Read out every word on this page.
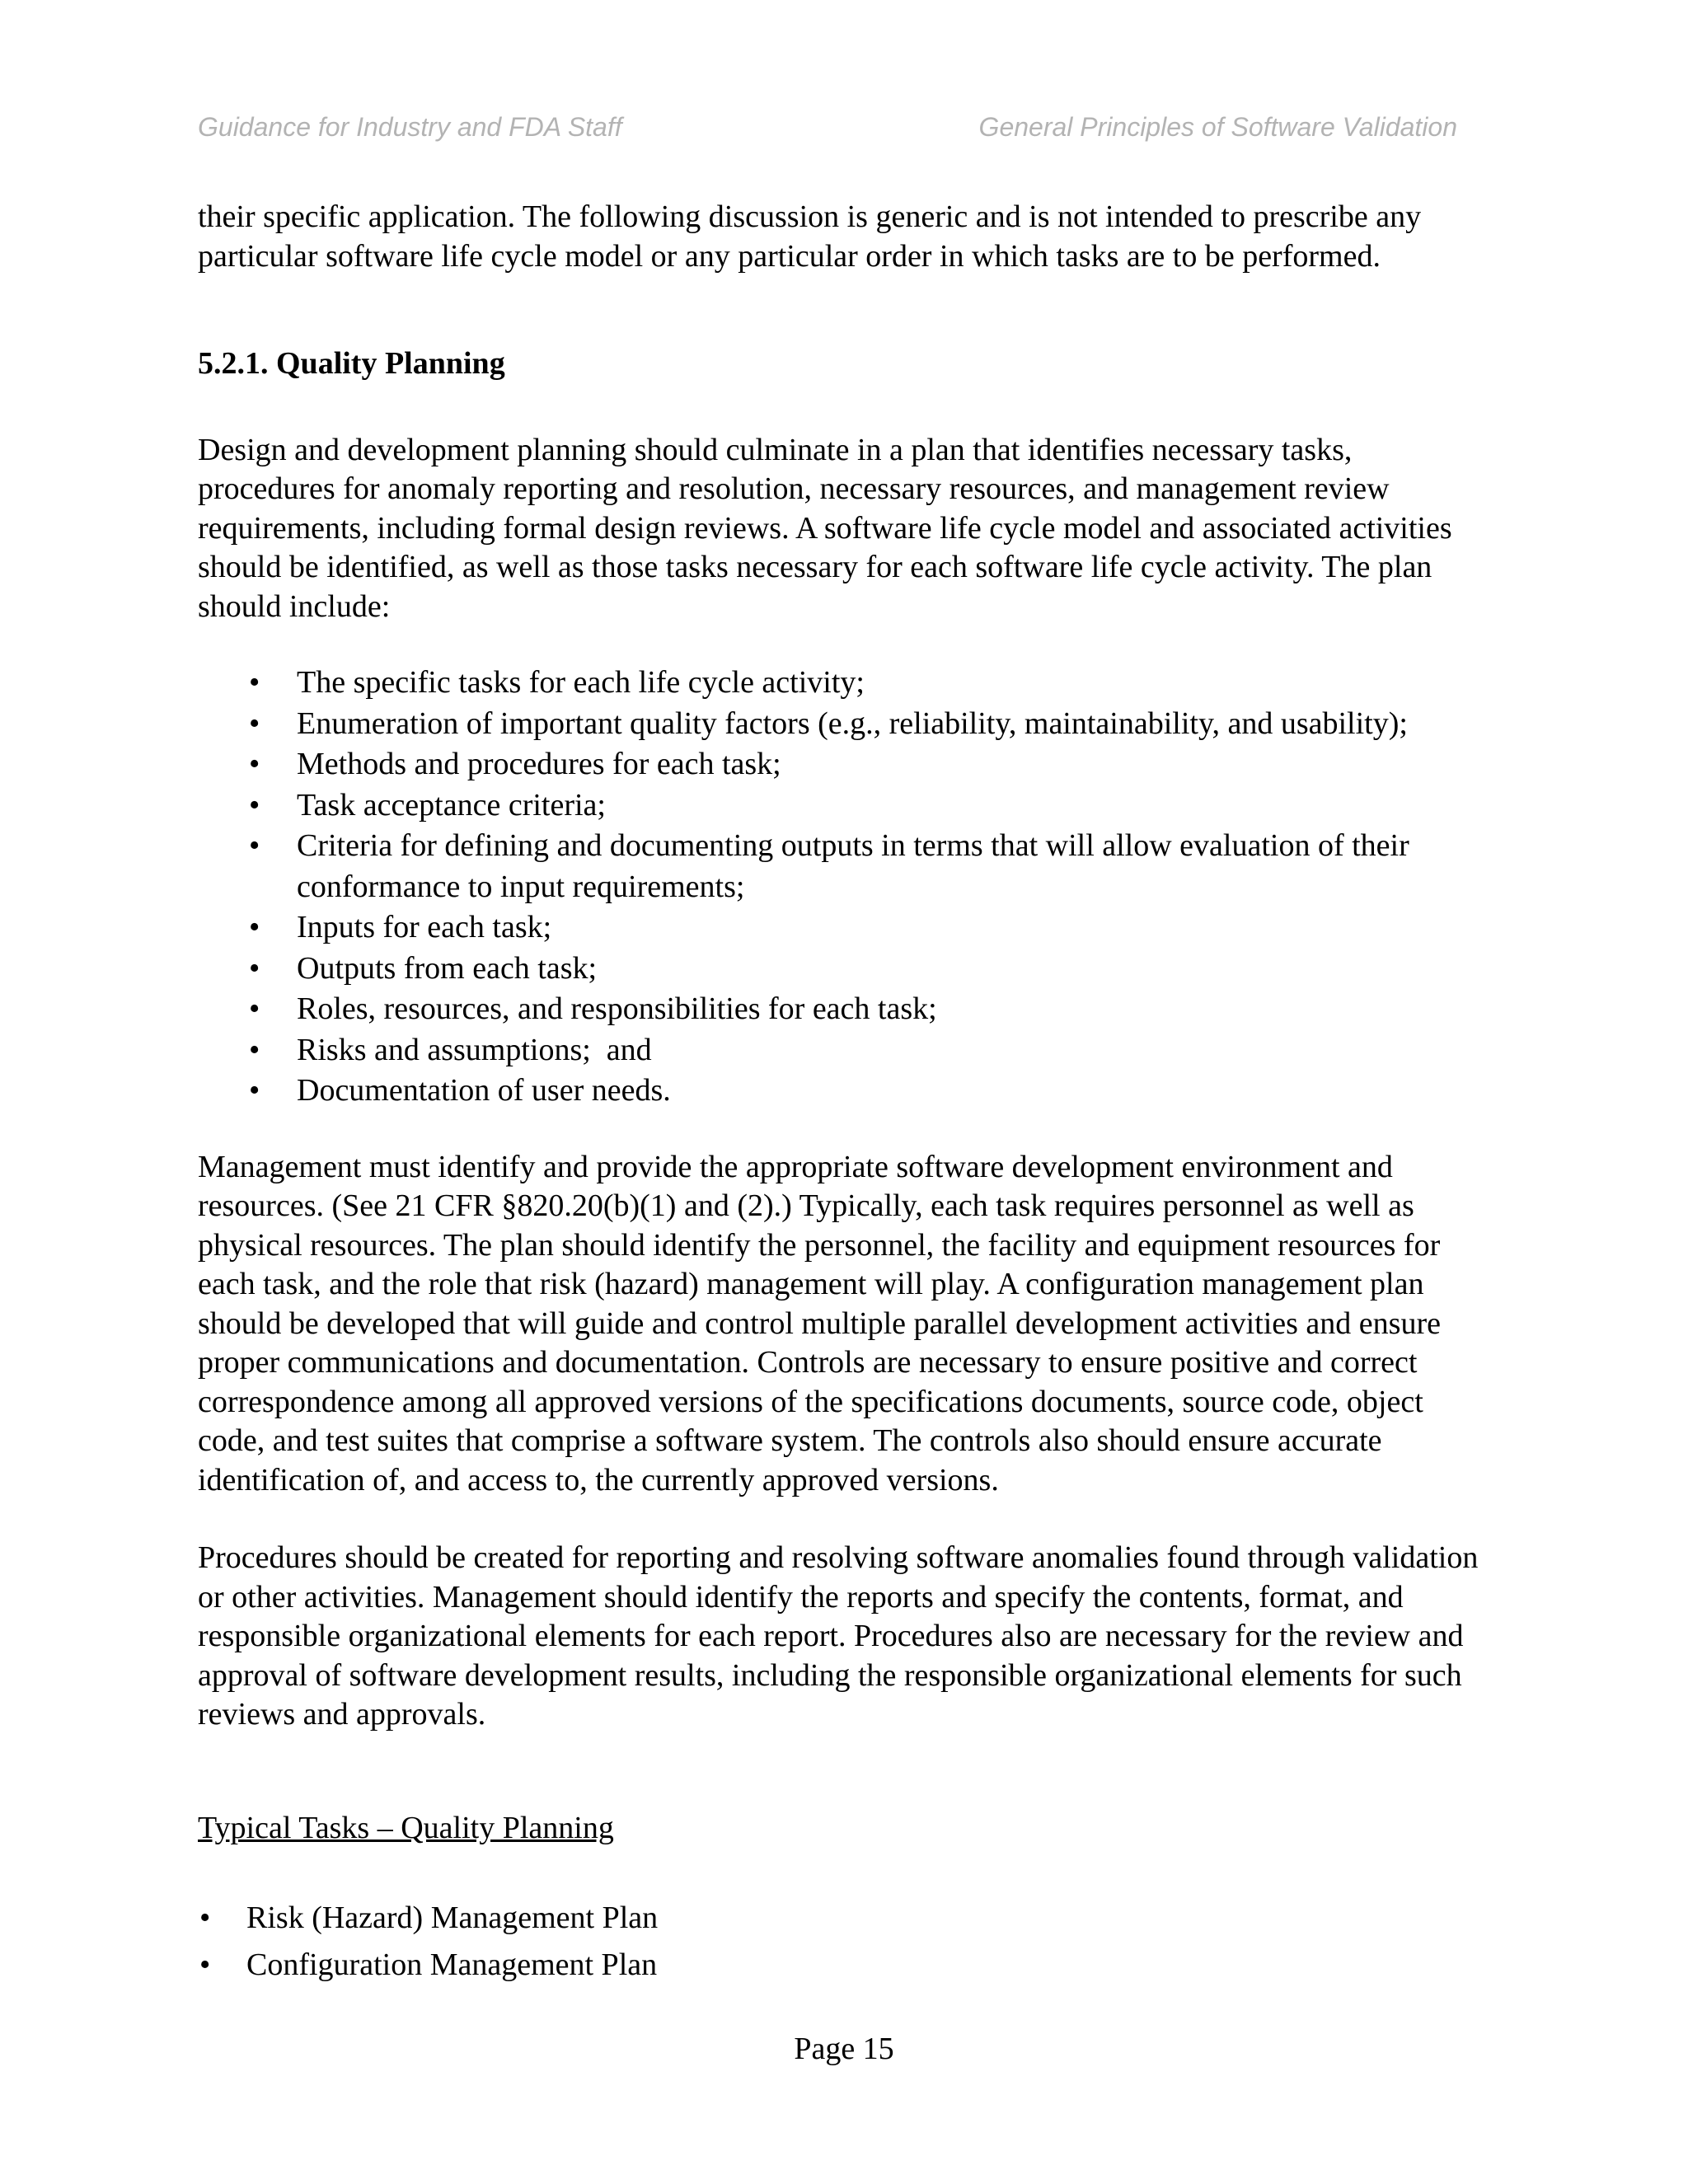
Guidance for Industry and FDA Staff	General Principles of Software Validation

their specific application. The following discussion is generic and is not intended to prescribe any particular software life cycle model or any particular order in which tasks are to be performed.

5.2.1. Quality Planning

Design and development planning should culminate in a plan that identifies necessary tasks, procedures for anomaly reporting and resolution, necessary resources, and management review requirements, including formal design reviews. A software life cycle model and associated activities should be identified, as well as those tasks necessary for each software life cycle activity. The plan should include:

• The specific tasks for each life cycle activity;
• Enumeration of important quality factors (e.g., reliability, maintainability, and usability);
• Methods and procedures for each task;
• Task acceptance criteria;
• Criteria for defining and documenting outputs in terms that will allow evaluation of their conformance to input requirements;
• Inputs for each task;
• Outputs from each task;
• Roles, resources, and responsibilities for each task;
• Risks and assumptions;  and
• Documentation of user needs.

Management must identify and provide the appropriate software development environment and resources. (See 21 CFR §820.20(b)(1) and (2).) Typically, each task requires personnel as well as physical resources. The plan should identify the personnel, the facility and equipment resources for each task, and the role that risk (hazard) management will play. A configuration management plan should be developed that will guide and control multiple parallel development activities and ensure proper communications and documentation. Controls are necessary to ensure positive and correct correspondence among all approved versions of the specifications documents, source code, object code, and test suites that comprise a software system. The controls also should ensure accurate identification of, and access to, the currently approved versions.

Procedures should be created for reporting and resolving software anomalies found through validation or other activities. Management should identify the reports and specify the contents, format, and responsible organizational elements for each report. Procedures also are necessary for the review and approval of software development results, including the responsible organizational elements for such reviews and approvals.

Typical Tasks – Quality Planning

• Risk (Hazard) Management Plan
• Configuration Management Plan
Page 15
